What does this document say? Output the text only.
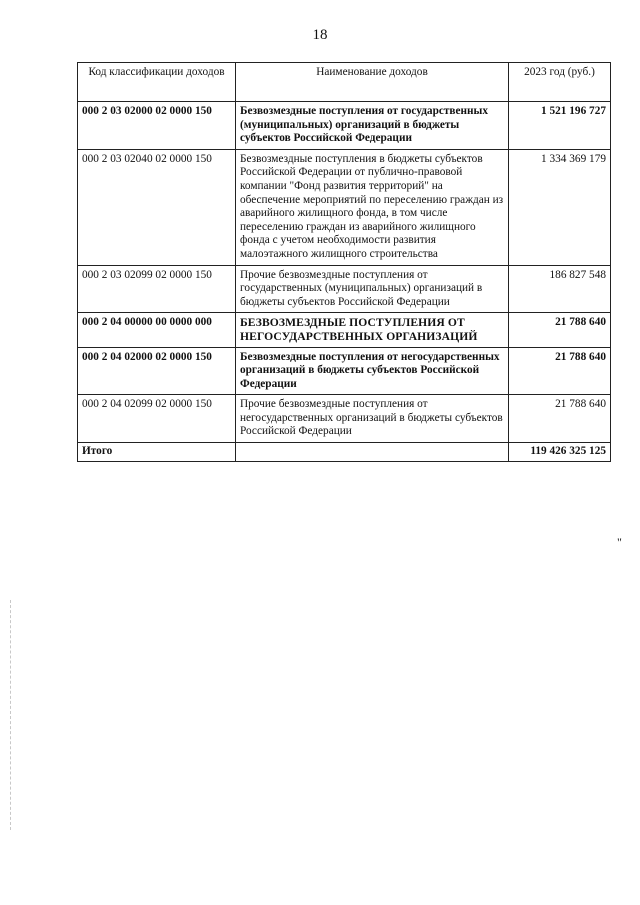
18
Код классификации доходов	Наименование доходов	2023 год (руб.)
000 2 03 02000 02 0000 150	Безвозмездные поступления от государственных (муниципальных) организаций в бюджеты субъектов Российской Федерации	1 521 196 727
000 2 03 02040 02 0000 150	Безвозмездные поступления в бюджеты субъектов Российской Федерации от публично-правовой компании "Фонд развития территорий" на обеспечение мероприятий по переселению граждан из аварийного жилищного фонда, в том числе переселению граждан из аварийного жилищного фонда с учетом необходимости развития малоэтажного жилищного строительства	1 334 369 179
000 2 03 02099 02 0000 150	Прочие безвозмездные поступления от государственных (муниципальных) организаций в бюджеты субъектов Российской Федерации	186 827 548
000 2 04 00000 00 0000 000	БЕЗВОЗМЕЗДНЫЕ ПОСТУПЛЕНИЯ ОТ НЕГОСУДАРСТВЕННЫХ ОРГАНИЗАЦИЙ	21 788 640
000 2 04 02000 02 0000 150	Безвозмездные поступления от негосударственных организаций в бюджеты субъектов Российской Федерации	21 788 640
000 2 04 02099 02 0000 150	Прочие безвозмездные поступления от негосударственных организаций в бюджеты субъектов Российской Федерации	21 788 640
Итого		119 426 325 125
"
